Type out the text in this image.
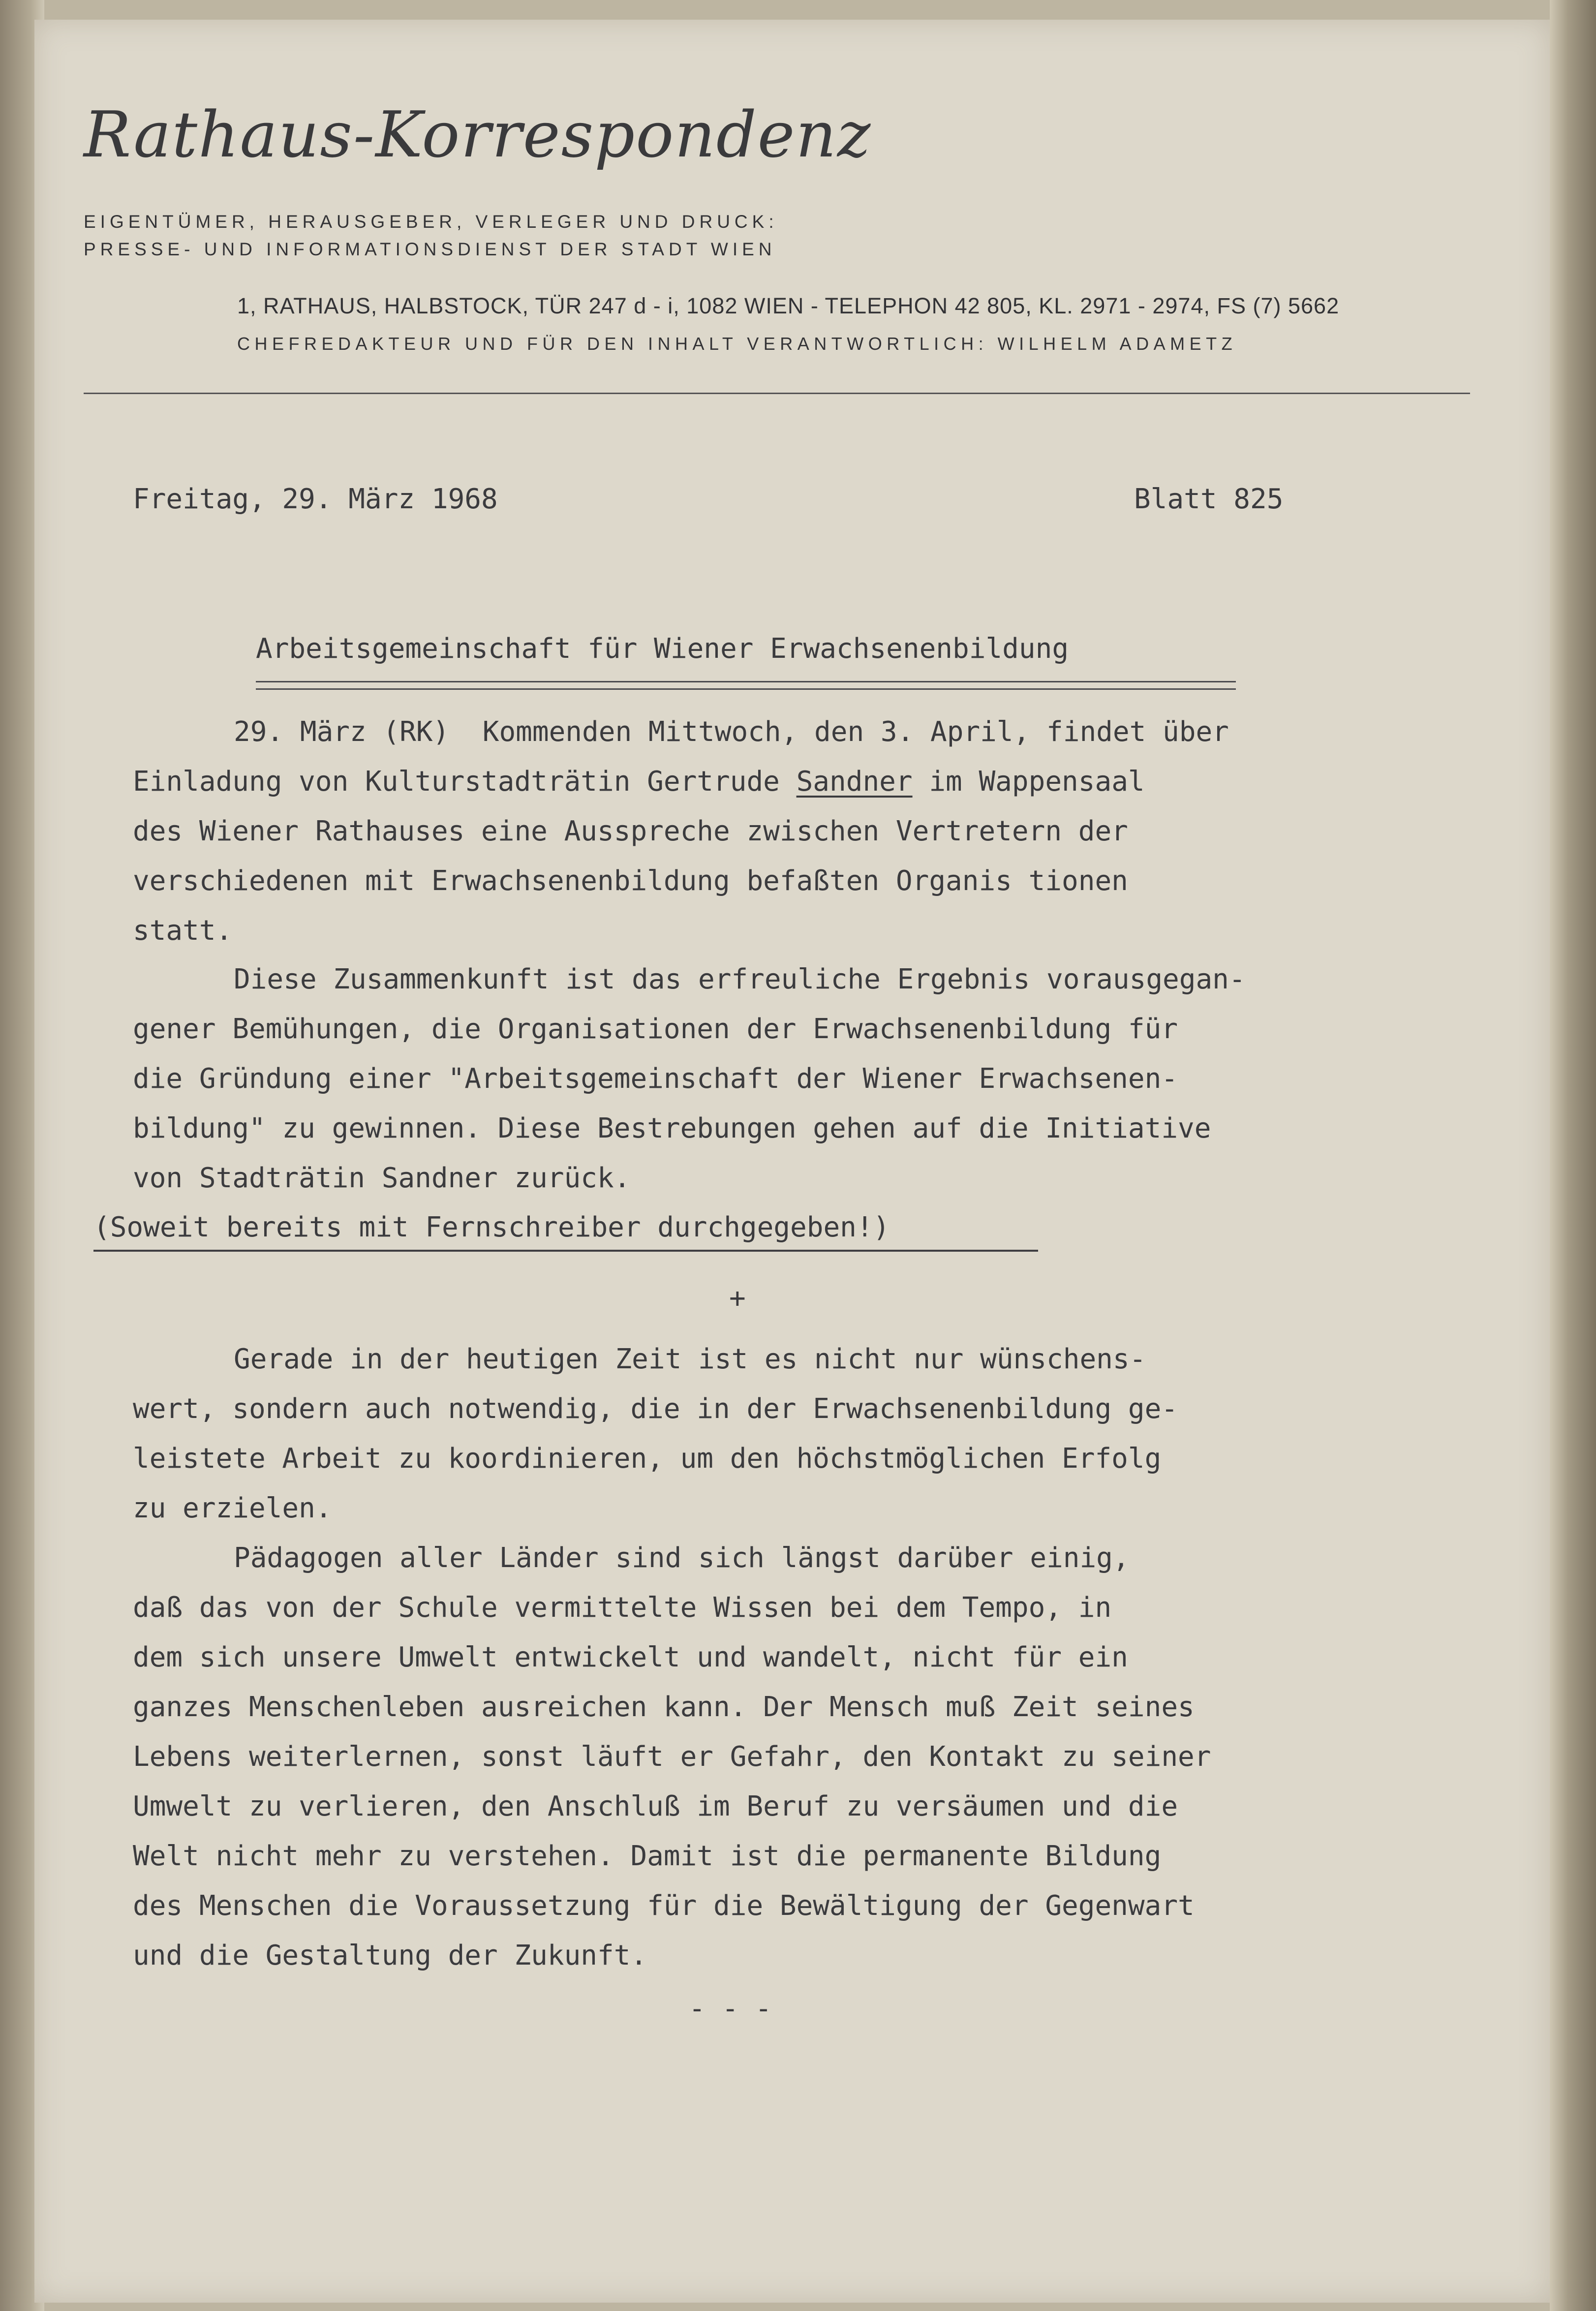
Rathaus-Korrespondenz
EIGENTÜMER, HERAUSGEBER, VERLEGER UND DRUCK:
PRESSE- UND INFORMATIONSDIENST DER STADT WIEN
1, RATHAUS, HALBSTOCK, TÜR 247 d - i, 1082 WIEN - TELEPHON 42 805, KL. 2971 - 2974, FS (7) 5662
CHEFREDAKTEUR UND FÜR DEN INHALT VERANTWORTLICH: WILHELM ADAMETZ
Freitag, 29. März 1968	Blatt 825
Arbeitsgemeinschaft für Wiener Erwachsenenbildung
29. März (RK)  Kommenden Mittwoch, den 3. April, findet über
Einladung von Kulturstadträtin Gertrude Sandner im Wappensaal
des Wiener Rathauses eine Ausspreche zwischen Vertretern der
verschiedenen mit Erwachsenenbildung befaßten Organis tionen
statt.
Diese Zusammenkunft ist das erfreuliche Ergebnis vorausgegan-
gener Bemühungen, die Organisationen der Erwachsenenbildung für
die Gründung einer "Arbeitsgemeinschaft der Wiener Erwachsenen-
bildung" zu gewinnen. Diese Bestrebungen gehen auf die Initiative
von Stadträtin Sandner zurück.
(Soweit bereits mit Fernschreiber durchgegeben!)
+
Gerade in der heutigen Zeit ist es nicht nur wünschens-
wert, sondern auch notwendig, die in der Erwachsenenbildung ge-
leistete Arbeit zu koordinieren, um den höchstmöglichen Erfolg
zu erzielen.
Pädagogen aller Länder sind sich längst darüber einig,
daß das von der Schule vermittelte Wissen bei dem Tempo, in
dem sich unsere Umwelt entwickelt und wandelt, nicht für ein
ganzes Menschenleben ausreichen kann. Der Mensch muß Zeit seines
Lebens weiterlernen, sonst läuft er Gefahr, den Kontakt zu seiner
Umwelt zu verlieren, den Anschluß im Beruf zu versäumen und die
Welt nicht mehr zu verstehen. Damit ist die permanente Bildung
des Menschen die Voraussetzung für die Bewältigung der Gegenwart
und die Gestaltung der Zukunft.
- - -
